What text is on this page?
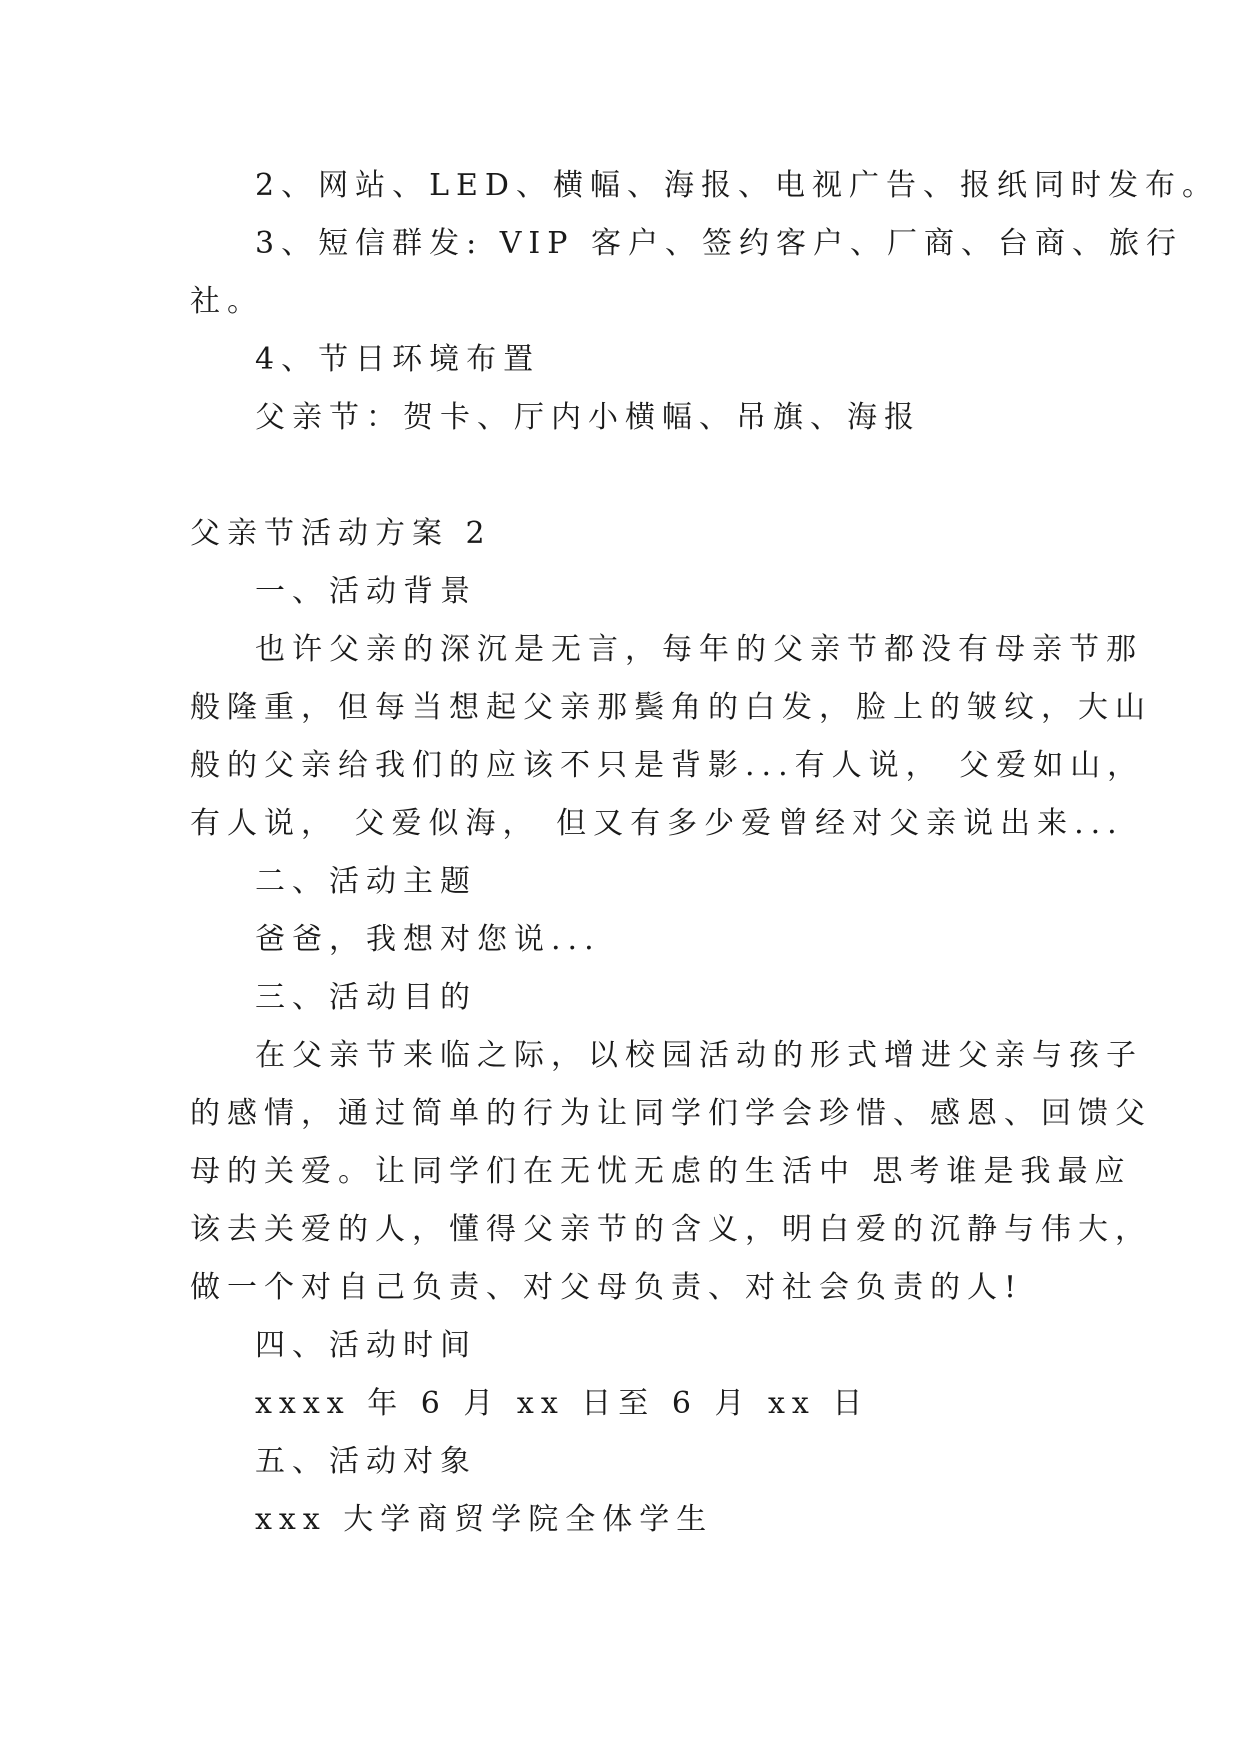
2、网站、LED、横幅、海报、电视广告、报纸同时发布。
3、短信群发: VIP 客户、签约客户、厂商、台商、旅行
社。
4、节日环境布置
父亲节：贺卡、厅内小横幅、吊旗、海报
父亲节活动方案 2
一、活动背景
也许父亲的深沉是无言，每年的父亲节都没有母亲节那
般隆重，但每当想起父亲那鬓角的白发，脸上的皱纹，大山
般的父亲给我们的应该不只是背影...有人说， 父爱如山，
有人说， 父爱似海， 但又有多少爱曾经对父亲说出来...
二、活动主题
爸爸，我想对您说...
三、活动目的
在父亲节来临之际，以校园活动的形式增进父亲与孩子
的感情，通过简单的行为让同学们学会珍惜、感恩、回馈父
母的关爱。让同学们在无忧无虑的生活中 思考谁是我最应
该去关爱的人，懂得父亲节的含义，明白爱的沉静与伟大，
做一个对自己负责、对父母负责、对社会负责的人!
四、活动时间
xxxx 年 6 月 xx 日至 6 月 xx 日
五、活动对象
xxx 大学商贸学院全体学生
